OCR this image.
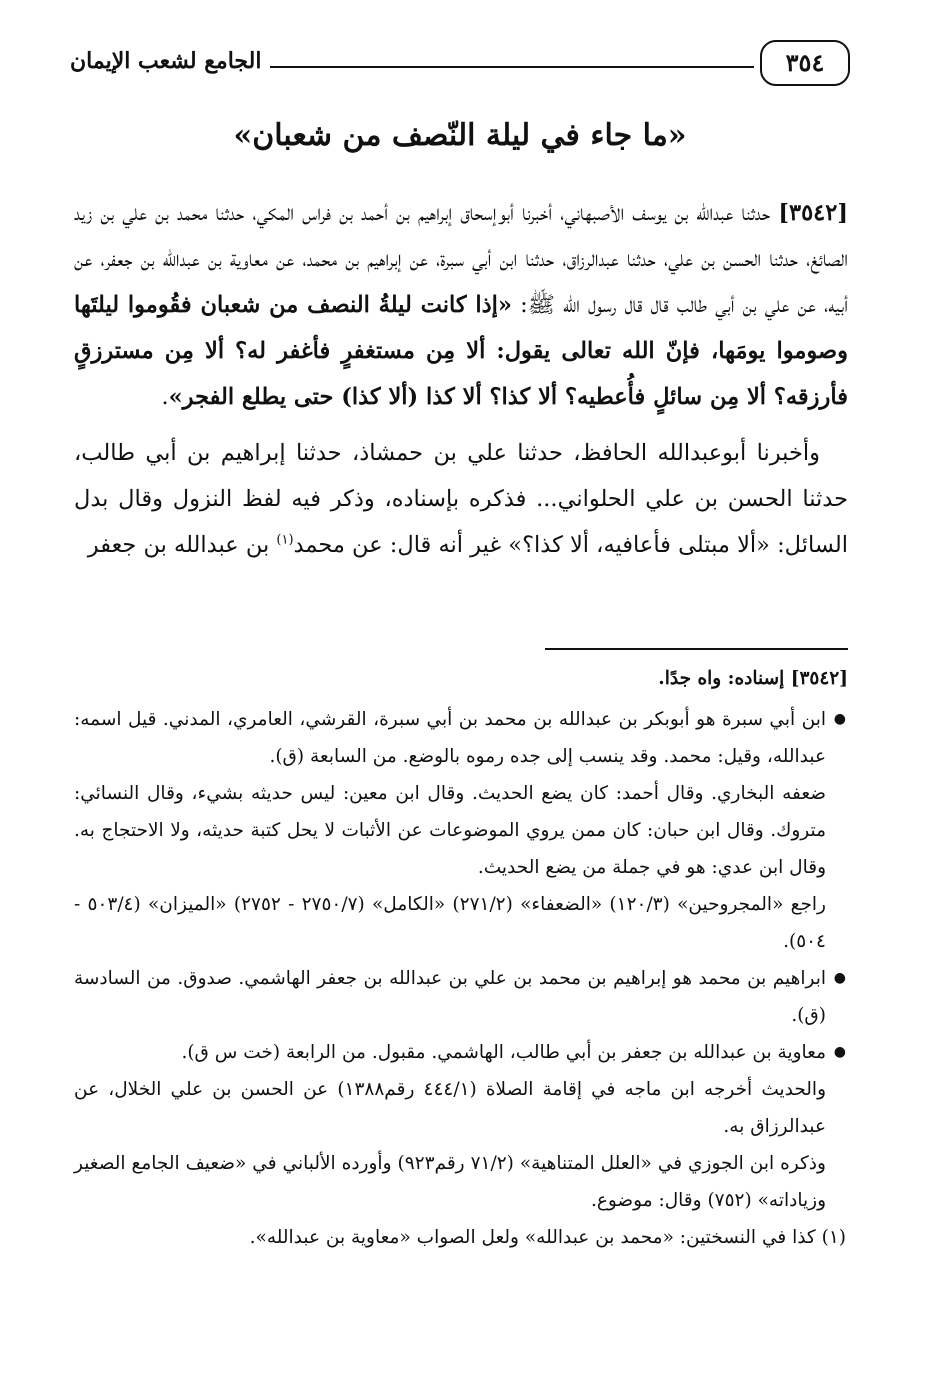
الجامع لشعب الإيمان	٣٥٤
«ما جاء في ليلة النّصف من شعبان»

[٣٥٤٢] حدثنا عبدالله بن يوسف الأصبهاني، أخبرنا أبوإسحاق إبراهيم بن أحمد بن فراس المكي، حدثنا محمد بن علي بن زيد الصائغ، حدثنا الحسن بن علي، حدثنا عبدالرزاق، حدثنا ابن أبي سبرة، عن إبراهيم بن محمد، عن معاوية بن عبدالله بن جعفر، عن أبيه، عن علي بن أبي طالب قال قال رسول الله ﷺ: «إذا كانت ليلةُ النصف من شعبان فقُوموا ليلتَها وصوموا يومَها، فإنّ الله تعالى يقول: ألا مِن مستغفرٍ فأغفر له؟ ألا مِن مسترزقٍ فأرزقه؟ ألا مِن سائلٍ فأُعطيه؟ ألا كذا؟ ألا كذا (ألا كذا) حتى يطلع الفجر».

وأخبرنا أبوعبدالله الحافظ، حدثنا علي بن حمشاذ، حدثنا إبراهيم بن أبي طالب، حدثنا الحسن بن علي الحلواني... فذكره بإسناده، وذكر فيه لفظ النزول وقال بدل السائل: «ألا مبتلى فأعافيه، ألا كذا؟» غير أنه قال: عن محمد$^{(١)}$ بن عبدالله بن جعفر

[٣٥٤٢] إسناده: واه جدًا.

●
ابن أبي سبرة هو أبوبكر بن عبدالله بن محمد بن أبي سبرة، القرشي، العامري، المدني. قيل اسمه: عبدالله، وقيل: محمد. وقد ينسب إلى جده رموه بالوضع. من السابعة (ق).

ضعفه البخاري. وقال أحمد: كان يضع الحديث. وقال ابن معين: ليس حديثه بشيء، وقال النسائي: متروك. وقال ابن حبان: كان ممن يروي الموضوعات عن الأثبات لا يحل كتبة حديثه، ولا الاحتجاج به. وقال ابن عدي: هو في جملة من يضع الحديث.

راجع «المجروحين» (١٢٠/٣) «الضعفاء» (٢٧١/٢) «الكامل» (٢٧٥٠/٧ - ٢٧٥٢) «الميزان» (٥٠٣/٤ - ٥٠٤).

●
ابراهيم بن محمد هو إبراهيم بن محمد بن علي بن عبدالله بن جعفر الهاشمي. صدوق. من السادسة (ق).

●
معاوية بن عبدالله بن جعفر بن أبي طالب، الهاشمي. مقبول. من الرابعة (خت س ق).

والحديث أخرجه ابن ماجه في إقامة الصلاة (٤٤٤/١ رقم١٣٨٨) عن الحسن بن علي الخلال، عن عبدالرزاق به.

وذكره ابن الجوزي في «العلل المتناهية» (٧١/٢ رقم٩٢٣) وأورده الألباني في «ضعيف الجامع الصغير وزياداته» (٧٥٢) وقال: موضوع.

(١) كذا في النسختين: «محمد بن عبدالله» ولعل الصواب «معاوية بن عبدالله».
